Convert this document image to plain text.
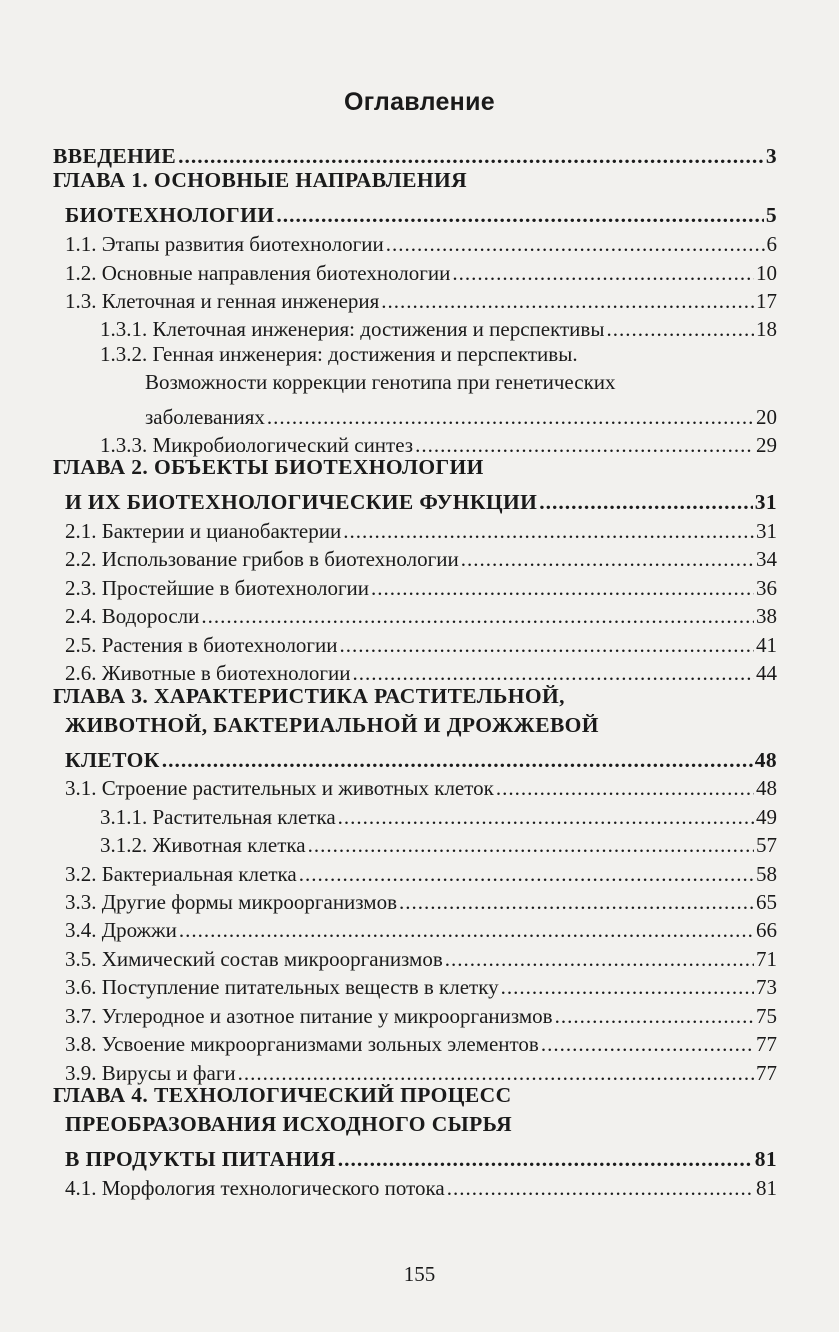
Оглавление
ВВЕДЕНИЕ .....	3
ГЛАВА 1. ОСНОВНЫЕ НАПРАВЛЕНИЯ
БИОТЕХНОЛОГИИ .....	5
1.1. Этапы развития биотехнологии .....	6
1.2. Основные направления биотехнологии .....	10
1.3. Клеточная и генная инженерия .....	17
1.3.1. Клеточная инженерия: достижения и перспективы .....	18
1.3.2. Генная инженерия: достижения и перспективы.
Возможности коррекции генотипа при генетических
заболеваниях .....	20
1.3.3. Микробиологический синтез .....	29
ГЛАВА 2. ОБЪЕКТЫ БИОТЕХНОЛОГИИ
И ИХ БИОТЕХНОЛОГИЧЕСКИЕ ФУНКЦИИ .....	31
2.1. Бактерии и цианобактерии .....	31
2.2. Использование грибов в биотехнологии .....	34
2.3. Простейшие в биотехнологии .....	36
2.4. Водоросли .....	38
2.5. Растения в биотехнологии .....	41
2.6. Животные в биотехнологии .....	44
ГЛАВА 3. ХАРАКТЕРИСТИКА РАСТИТЕЛЬНОЙ,
ЖИВОТНОЙ, БАКТЕРИАЛЬНОЙ И ДРОЖЖЕВОЙ
КЛЕТОК .....	48
3.1. Строение растительных и животных клеток .....	48
3.1.1. Растительная клетка .....	49
3.1.2. Животная клетка .....	57
3.2. Бактериальная клетка .....	58
3.3. Другие формы микроорганизмов .....	65
3.4. Дрожжи .....	66
3.5. Химический состав микроорганизмов .....	71
3.6. Поступление питательных веществ в клетку .....	73
3.7. Углеродное и азотное питание у микроорганизмов .....	75
3.8. Усвоение микроорганизмами зольных элементов .....	77
3.9. Вирусы и фаги .....	77
ГЛАВА 4. ТЕХНОЛОГИЧЕСКИЙ ПРОЦЕСС
ПРЕОБРАЗОВАНИЯ ИСХОДНОГО СЫРЬЯ
В ПРОДУКТЫ ПИТАНИЯ .....	81
4.1. Морфология технологического потока .....	81
155
